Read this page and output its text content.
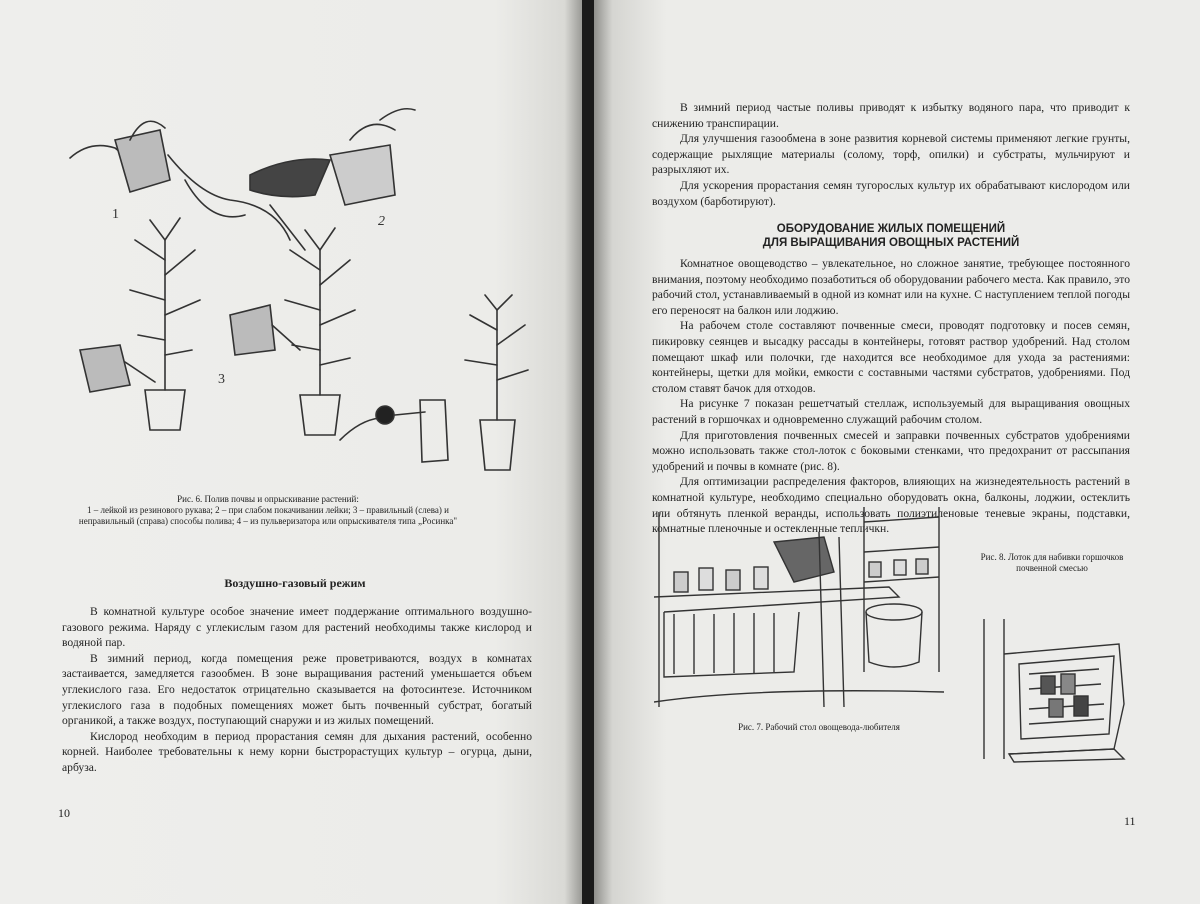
1	2
3
Рис. 6. Полив почвы и опрыскивание растений:
1 – лейкой из резинового рукава; 2 – при слабом покачивании лейки; 3 – правильный (слева) и неправильный (справа) способы полива; 4 – из пульверизатора или опрыскивателя типа „Росинка"
Воздушно-газовый режим

В комнатной культуре особое значение имеет поддержание оптимального воздушно-газового режима. Наряду с углекислым газом для растений необходимы также кислород и водяной пар.

В зимний период, когда помещения реже проветриваются, воздух в комнатах застаивается, замедляется газообмен. В зоне выращивания растений уменьшается объем углекислого газа. Его недостаток отрицательно сказывается на фотосинтезе. Источником углекислого газа в подобных помещениях может быть почвенный субстрат, богатый органикой, а также воздух, поступающий снаружи и из жилых помещений.

Кислород необходим в период прорастания семян для дыхания растений, особенно корней. Наиболее требовательны к нему корни быстрорастущих культур – огурца, дыни, арбуза.

10

В зимний период частые поливы приводят к избытку водяного пара, что приводит к снижению транспирации.

Для улучшения газообмена в зоне развития корневой системы применяют легкие грунты, содержащие рыхлящие материалы (солому, торф, опилки) и субстраты, мульчируют и разрыхляют их.

Для ускорения прорастания семян тугорослых культур их обрабатывают кислородом или воздухом (барботируют).

ОБОРУДОВАНИЕ ЖИЛЫХ ПОМЕЩЕНИЙ
ДЛЯ ВЫРАЩИВАНИЯ ОВОЩНЫХ РАСТЕНИЙ

Комнатное овощеводство – увлекательное, но сложное занятие, требующее постоянного внимания, поэтому необходимо позаботиться об оборудовании рабочего места. Как правило, это рабочий стол, устанавливаемый в одной из комнат или на кухне. С наступлением теплой погоды его переносят на балкон или лоджию.

На рабочем столе составляют почвенные смеси, проводят подготовку и посев семян, пикировку сеянцев и высадку рассады в контейнеры, готовят раствор удобрений. Над столом помещают шкаф или полочки, где находится все необходимое для ухода за растениями: контейнеры, щетки для мойки, емкости с составными частями субстратов, удобрениями. Под столом ставят бачок для отходов.

На рисунке 7 показан решетчатый стеллаж, используемый для выращивания овощных растений в горшочках и одновременно служащий рабочим столом.

Для приготовления почвенных смесей и заправки почвенных субстратов удобрениями можно использовать также стол-лоток с боковыми стенками, что предохранит от рассыпания удобрений и почвы в комнате (рис. 8).

Для оптимизации распределения факторов, влияющих на жизнедеятельность растений в комнатной культуре, необходимо специально оборудовать окна, балконы, лоджии, остеклить или обтянуть пленкой веранды, использовать полиэтиленовые теневые экраны, подставки, комнатные пленочные и остекленные тепличкн.

Рис. 7. Рабочий стол овощевода-любителя
Рис. 8. Лоток для набивки горшочков почвенной смесью
11
